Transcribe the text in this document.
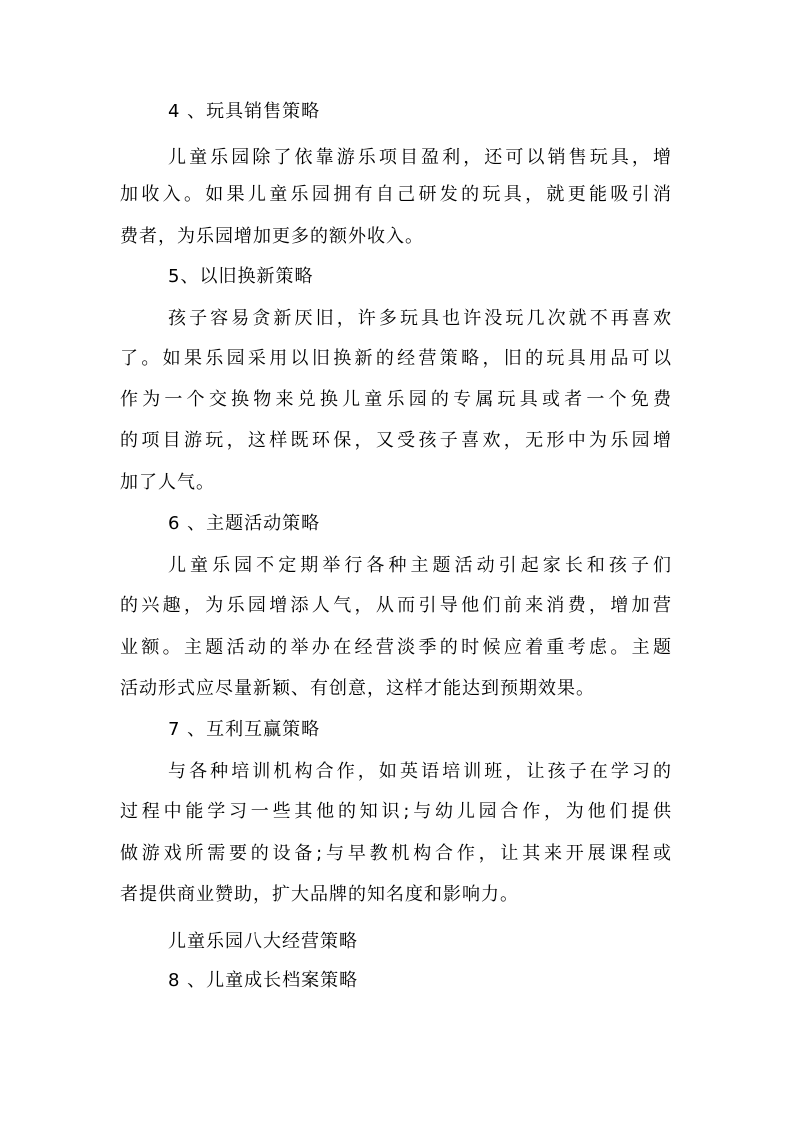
4 、玩具销售策略
儿童乐园除了依靠游乐项目盈利，还可以销售玩具，增
加收入。如果儿童乐园拥有自己研发的玩具，就更能吸引消
费者，为乐园增加更多的额外收入。
5、以旧换新策略
孩子容易贪新厌旧，许多玩具也许没玩几次就不再喜欢
了。如果乐园采用以旧换新的经营策略，旧的玩具用品可以
作为一个交换物来兑换儿童乐园的专属玩具或者一个免费
的项目游玩，这样既环保，又受孩子喜欢，无形中为乐园增
加了人气。
6 、主题活动策略
儿童乐园不定期举行各种主题活动引起家长和孩子们
的兴趣，为乐园增添人气，从而引导他们前来消费，增加营
业额。主题活动的举办在经营淡季的时候应着重考虑。主题
活动形式应尽量新颖、有创意，这样才能达到预期效果。
7 、互利互赢策略
与各种培训机构合作，如英语培训班，让孩子在学习的
过程中能学习一些其他的知识;与幼儿园合作，为他们提供
做游戏所需要的设备;与早教机构合作，让其来开展课程或
者提供商业赞助，扩大品牌的知名度和影响力。
儿童乐园八大经营策略
8 、儿童成长档案策略
